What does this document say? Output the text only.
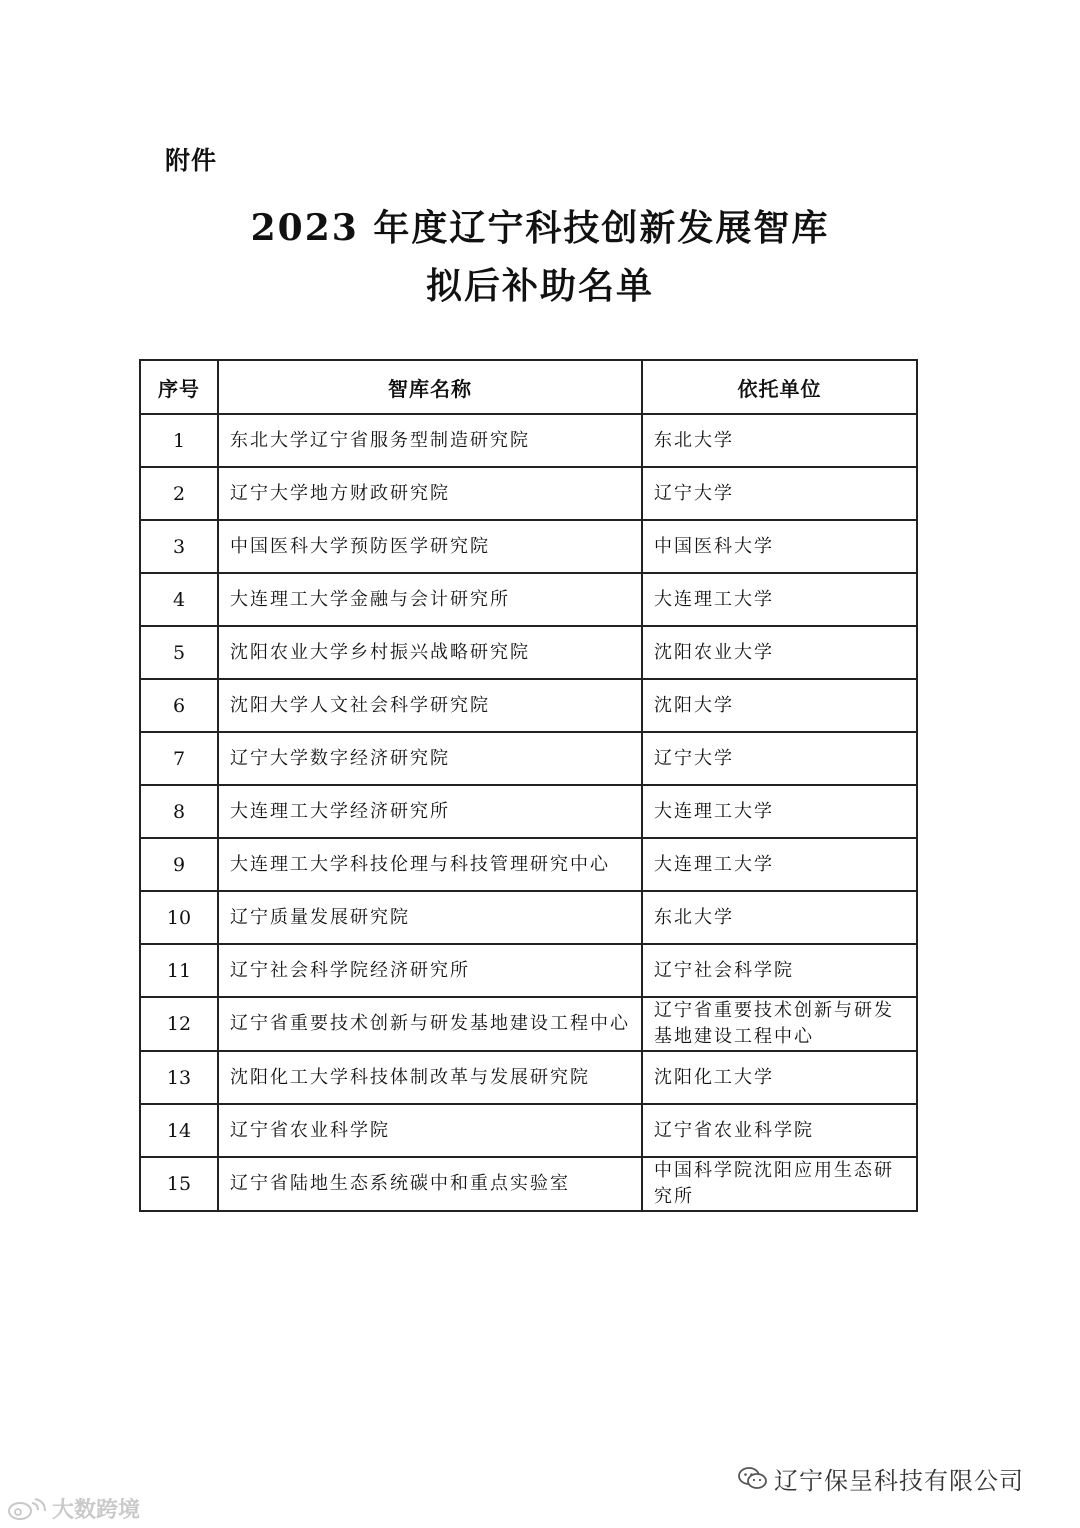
附件
2023 年度辽宁科技创新发展智库
拟后补助名单
序号	智库名称	依托单位
1	东北大学辽宁省服务型制造研究院	东北大学
2	辽宁大学地方财政研究院	辽宁大学
3	中国医科大学预防医学研究院	中国医科大学
4	大连理工大学金融与会计研究所	大连理工大学
5	沈阳农业大学乡村振兴战略研究院	沈阳农业大学
6	沈阳大学人文社会科学研究院	沈阳大学
7	辽宁大学数字经济研究院	辽宁大学
8	大连理工大学经济研究所	大连理工大学
9	大连理工大学科技伦理与科技管理研究中心	大连理工大学
10	辽宁质量发展研究院	东北大学
11	辽宁社会科学院经济研究所	辽宁社会科学院
12	辽宁省重要技术创新与研发基地建设工程中心	辽宁省重要技术创新与研发基地建设工程中心
13	沈阳化工大学科技体制改革与发展研究院	沈阳化工大学
14	辽宁省农业科学院	辽宁省农业科学院
15	辽宁省陆地生态系统碳中和重点实验室	中国科学院沈阳应用生态研究所
辽宁保呈科技有限公司
大数跨境
